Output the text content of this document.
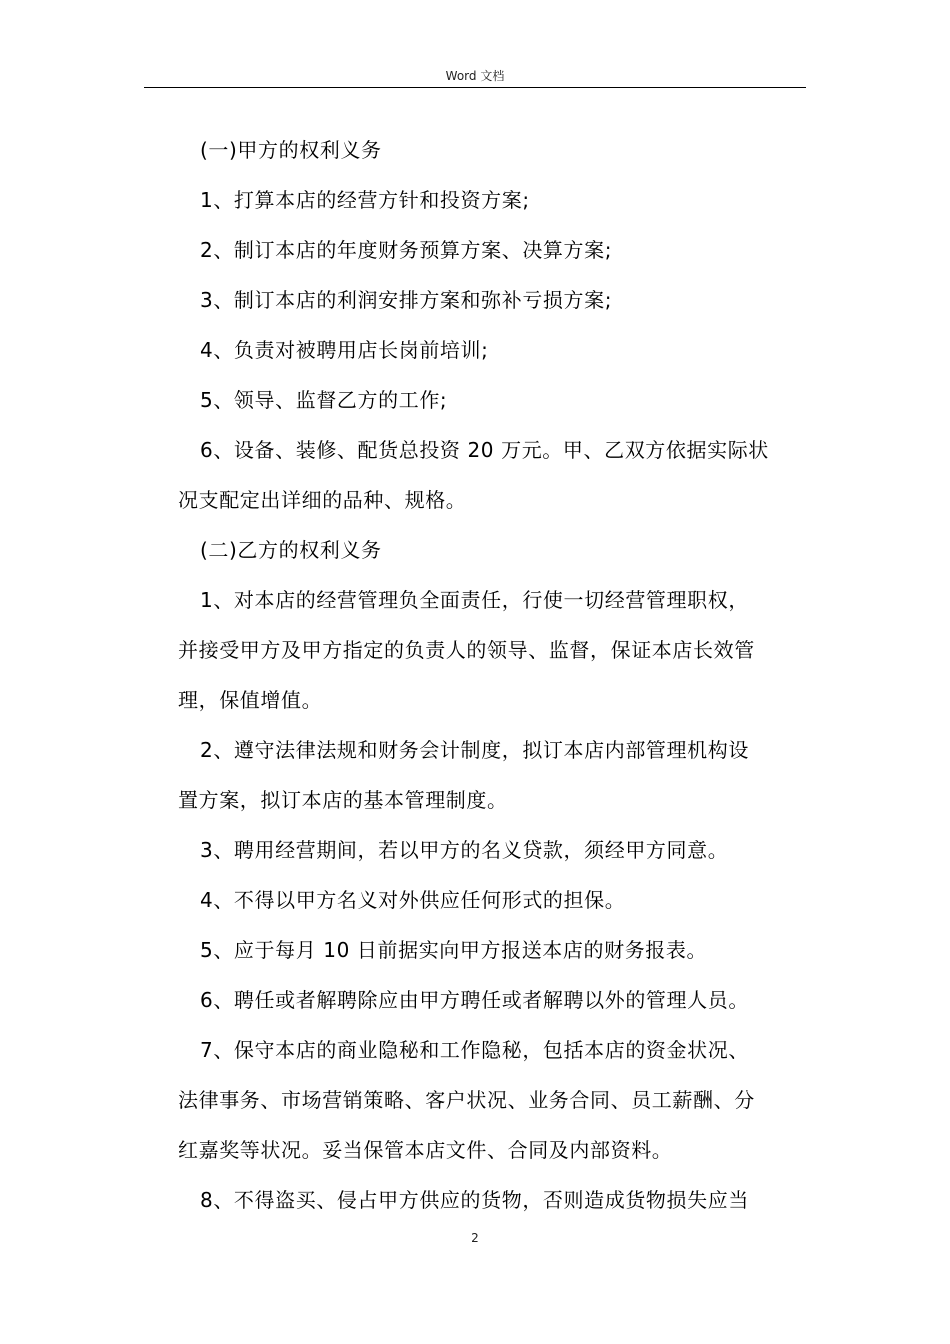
Word 文档
(一)甲方的权利义务
1、打算本店的经营方针和投资方案;
2、制订本店的年度财务预算方案、决算方案;
3、制订本店的利润安排方案和弥补亏损方案;
4、负责对被聘用店长岗前培训;
5、领导、监督乙方的工作;
6、设备、装修、配货总投资 20 万元。甲、乙双方依据实际状
况支配定出详细的品种、规格。
(二)乙方的权利义务
1、对本店的经营管理负全面责任，行使一切经营管理职权，
并接受甲方及甲方指定的负责人的领导、监督，保证本店长效管
理，保值增值。
2、遵守法律法规和财务会计制度，拟订本店内部管理机构设
置方案，拟订本店的基本管理制度。
3、聘用经营期间，若以甲方的名义贷款，须经甲方同意。
4、不得以甲方名义对外供应任何形式的担保。
5、应于每月 10 日前据实向甲方报送本店的财务报表。
6、聘任或者解聘除应由甲方聘任或者解聘以外的管理人员。
7、保守本店的商业隐秘和工作隐秘，包括本店的资金状况、
法律事务、市场营销策略、客户状况、业务合同、员工薪酬、分
红嘉奖等状况。妥当保管本店文件、合同及内部资料。
8、不得盗买、侵占甲方供应的货物，否则造成货物损失应当
2
